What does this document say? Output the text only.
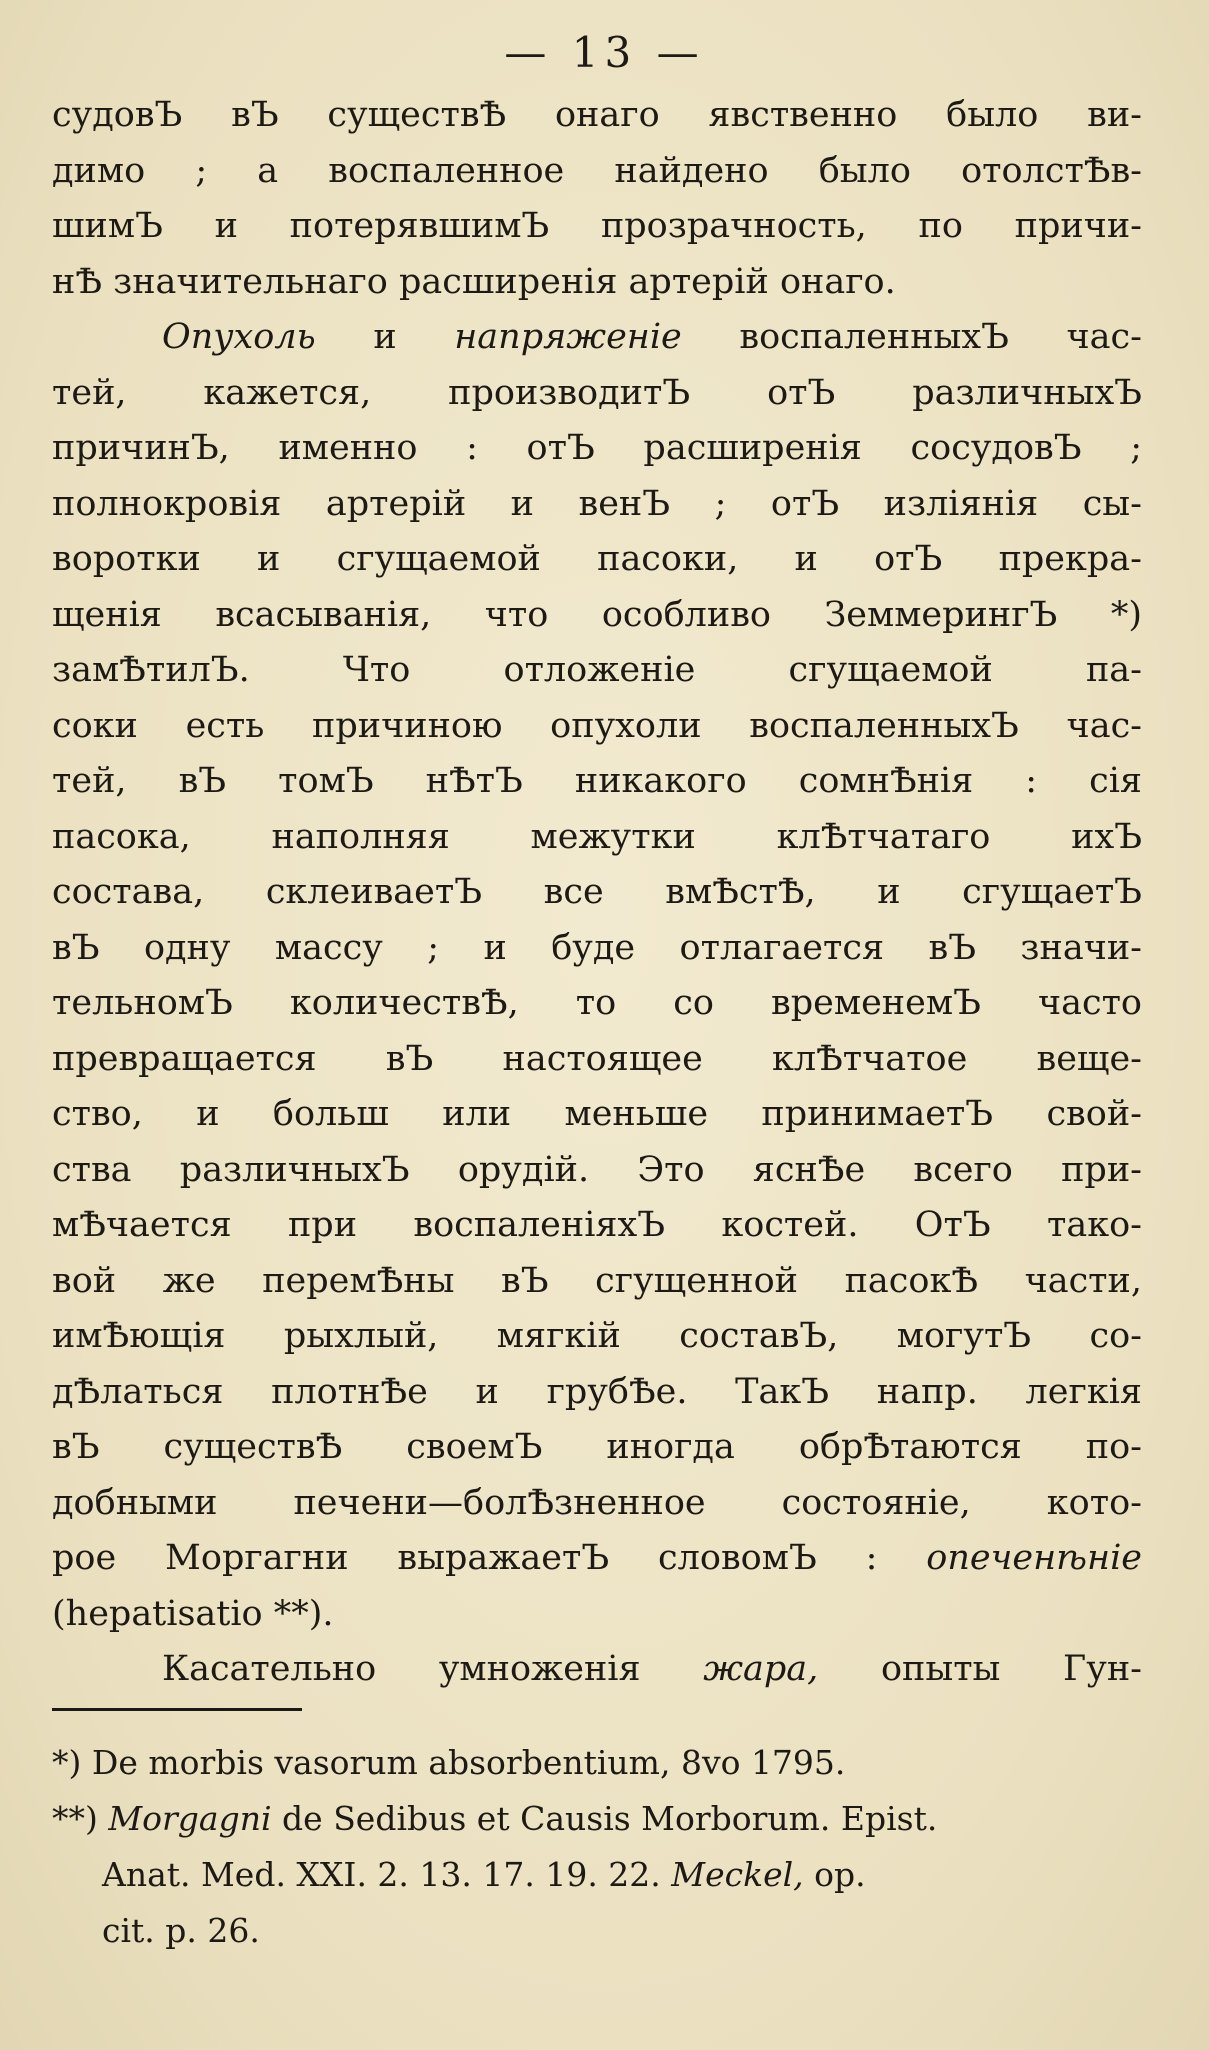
— 13 —
судовЪ вЪ существѢ онаго явственно было ви-
димо ; а воспаленное найдено было отолстѢв-
шимЪ и потерявшимЪ прозрачность, по причи-
нѢ значительнаго расширенія артерій онаго.
Опухоль и напряженіе воспаленныхЪ час-
тей, кажется, производитЪ отЪ различныхЪ
причинЪ, именно : отЪ расширенія сосудовЪ ;
полнокровія артерій и венЪ ; отЪ изліянія сы-
воротки и сгущаемой пасоки, и отЪ прекра-
щенія всасыванія, что особливо ЗеммерингЪ *)
замѢтилЪ. Что отложеніе сгущаемой па-
соки есть причиною опухоли воспаленныхЪ час-
тей, вЪ томЪ нѢтЪ никакого сомнѢнія : сія
пасока, наполняя межутки клѢтчатаго ихЪ
состава, склеиваетЪ все вмѢстѢ, и сгущаетЪ
вЪ одну массу ; и буде отлагается вЪ значи-
тельномЪ количествѢ, то со временемЪ часто
превращается вЪ настоящее клѢтчатое веще-
ство, и больш или меньше принимаетЪ свой-
ства различныхЪ орудій. Это яснѢе всего при-
мѢчается при воспаленіяхЪ костей. ОтЪ тако-
вой же перемѢны вЪ сгущенной пасокѢ части,
имѢющія рыхлый, мягкій составЪ, могутЪ со-
дѢлаться плотнѢе и грубѢе. ТакЪ напр. легкія
вЪ существѢ своемЪ иногда обрѢтаются по-
добными печени—болѢзненное состояніе, кото-
рое Моргагни выражаетЪ словомЪ : опеченѣніе
(hepatisatio **).
Касательно умноженія жара, опыты Гун-
*) De morbis vasorum absorbentium, 8vo 1795.
**) Morgagni de Sedibus et Causis Morborum. Epist.
Anat. Med. XXI. 2. 13. 17. 19. 22. Meckel, op.
cit. p. 26.
